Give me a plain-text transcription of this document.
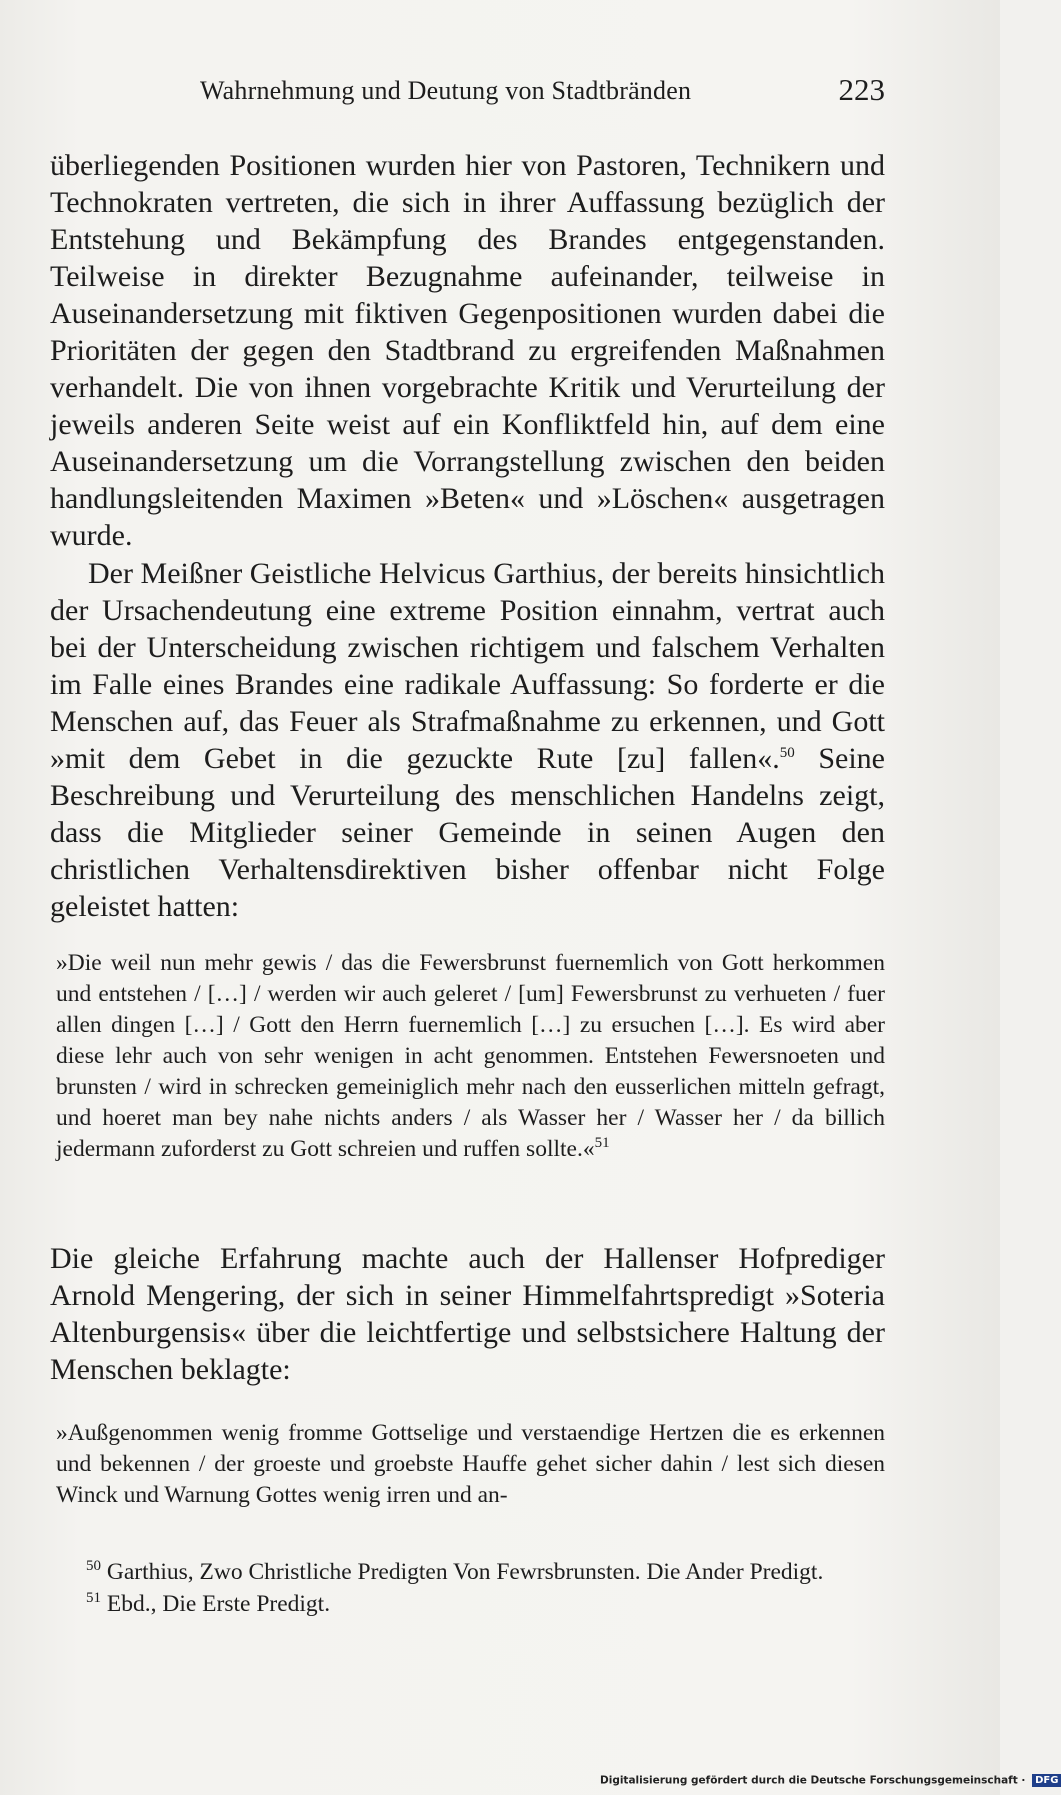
Wahrnehmung und Deutung von Stadtbränden	223

überliegenden Positionen wurden hier von Pastoren, Technikern und Technokraten vertreten, die sich in ihrer Auffassung bezüglich der Entstehung und Bekämpfung des Brandes entgegenstanden. Teilweise in direkter Bezugnahme aufeinander, teilweise in Auseinandersetzung mit fiktiven Gegenpositionen wurden dabei die Prioritäten der gegen den Stadtbrand zu ergreifenden Maßnahmen verhandelt. Die von ihnen vorgebrachte Kritik und Verurteilung der jeweils anderen Seite weist auf ein Konfliktfeld hin, auf dem eine Auseinandersetzung um die Vorrangstellung zwischen den beiden handlungsleitenden Maximen »Beten« und »Löschen« ausgetragen wurde.

Der Meißner Geistliche Helvicus Garthius, der bereits hinsichtlich der Ursachendeutung eine extreme Position einnahm, vertrat auch bei der Unterscheidung zwischen richtigem und falschem Verhalten im Falle eines Brandes eine radikale Auffassung: So forderte er die Menschen auf, das Feuer als Strafmaßnahme zu erkennen, und Gott »mit dem Gebet in die gezuckte Rute [zu] fallen«.$^{50}$ Seine Beschreibung und Verurteilung des menschlichen Handelns zeigt, dass die Mitglieder seiner Gemeinde in seinen Augen den christlichen Verhaltensdirektiven bisher offenbar nicht Folge geleistet hatten:

»Die weil nun mehr gewis / das die Fewersbrunst fuernemlich von Gott herkommen und entstehen / […] / werden wir auch geleret / [um] Fewersbrunst zu verhueten / fuer allen dingen […] / Gott den Herrn fuernemlich […] zu ersuchen […]. Es wird aber diese lehr auch von sehr wenigen in acht genommen. Entstehen Fewersnoeten und brunsten / wird in schrecken gemeiniglich mehr nach den eusserlichen mitteln gefragt, und hoeret man bey nahe nichts anders / als Wasser her / Wasser her / da billich jedermann zuforderst zu Gott schreien und ruffen sollte.«$^{51}$

Die gleiche Erfahrung machte auch der Hallenser Hofprediger Arnold Mengering, der sich in seiner Himmelfahrtspredigt »Soteria Altenburgensis« über die leichtfertige und selbstsichere Haltung der Menschen beklagte:

»Außgenommen wenig fromme Gottselige und verstaendige Hertzen die es erkennen und bekennen / der groeste und groebste Hauffe gehet sicher dahin / lest sich diesen Winck und Warnung Gottes wenig irren und an-

$^{50}$ Garthius, Zwo Christliche Predigten Von Fewrsbrunsten. Die Ander Predigt.
$^{51}$ Ebd., Die Erste Predigt.
Digitalisierung gefördert durch die Deutsche Forschungsgemeinschaft · DFG
